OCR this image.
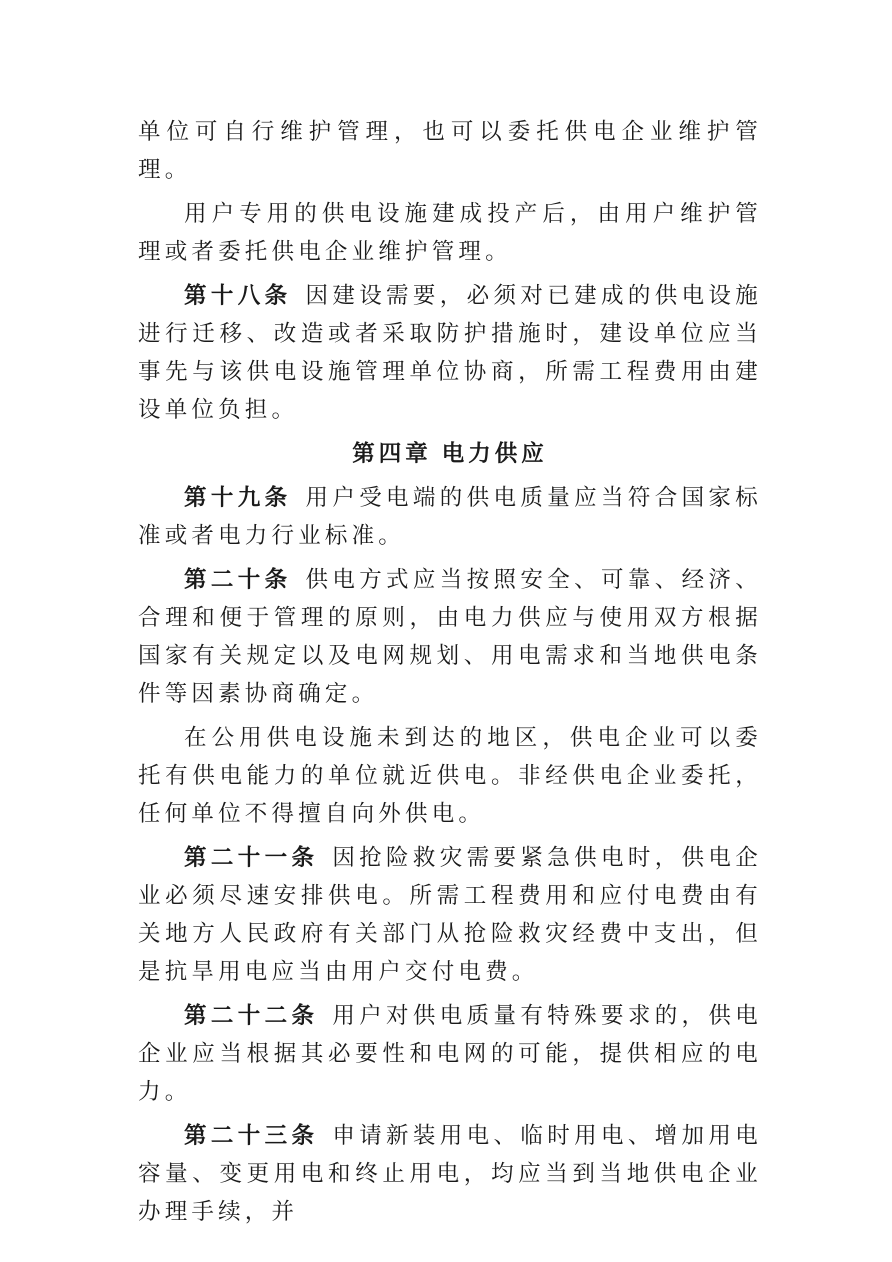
单位可自行维护管理，也可以委托供电企业维护管理。

用户专用的供电设施建成投产后，由用户维护管理或者委托供电企业维护管理。

第十八条 因建设需要，必须对已建成的供电设施进行迁移、改造或者采取防护措施时，建设单位应当事先与该供电设施管理单位协商，所需工程费用由建设单位负担。

第四章 电力供应

第十九条 用户受电端的供电质量应当符合国家标准或者电力行业标准。

第二十条 供电方式应当按照安全、可靠、经济、合理和便于管理的原则，由电力供应与使用双方根据国家有关规定以及电网规划、用电需求和当地供电条件等因素协商确定。

在公用供电设施未到达的地区，供电企业可以委托有供电能力的单位就近供电。非经供电企业委托，任何单位不得擅自向外供电。

第二十一条 因抢险救灾需要紧急供电时，供电企业必须尽速安排供电。所需工程费用和应付电费由有关地方人民政府有关部门从抢险救灾经费中支出，但是抗旱用电应当由用户交付电费。

第二十二条 用户对供电质量有特殊要求的，供电企业应当根据其必要性和电网的可能，提供相应的电力。

第二十三条 申请新装用电、临时用电、增加用电容量、变更用电和终止用电，均应当到当地供电企业办理手续，并
